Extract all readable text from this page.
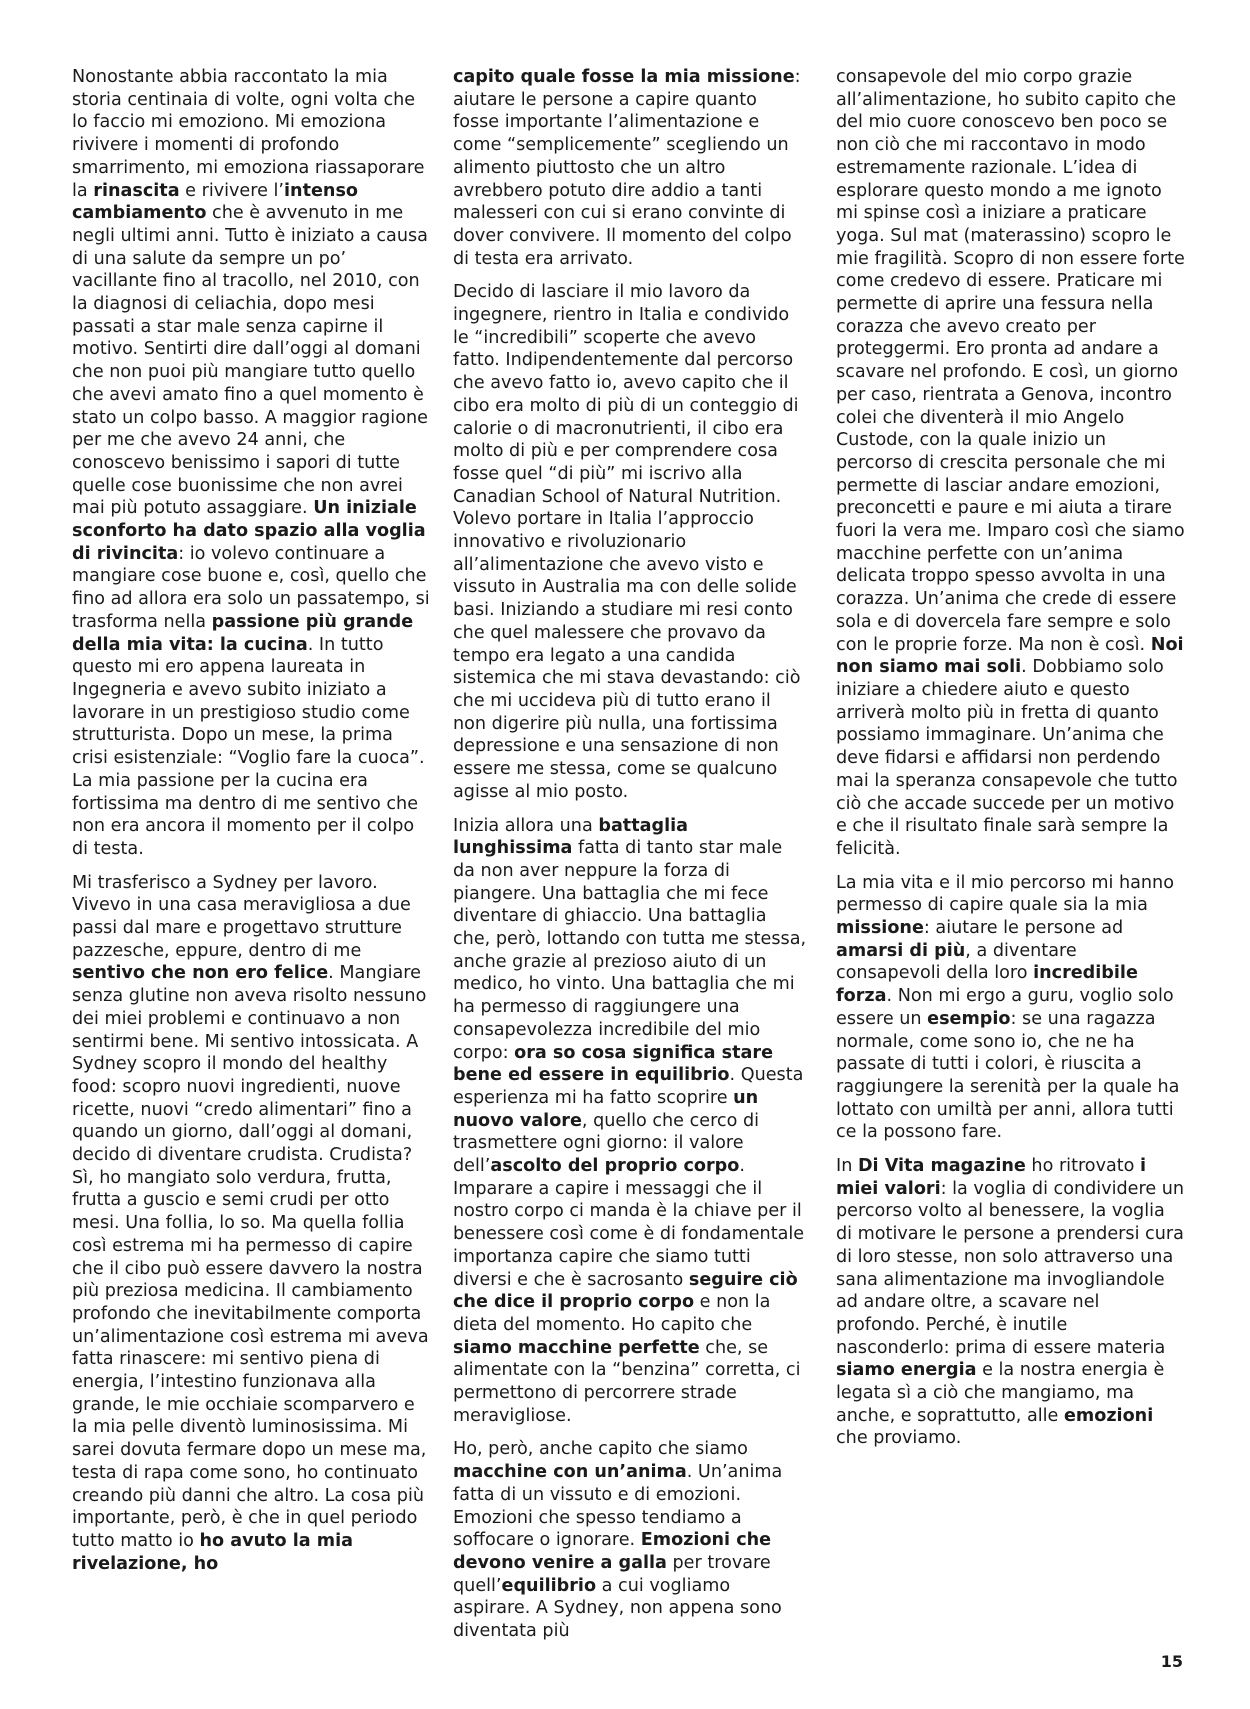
Nonostante abbia raccontato la mia storia centinaia di volte, ogni volta che lo faccio mi emoziono. Mi emoziona rivivere i momenti di profondo smarrimento, mi emoziona riassaporare la rinascita e rivivere l’intenso cambiamento che è avvenuto in me negli ultimi anni. Tutto è iniziato a causa di una salute da sempre un po’ vacillante fino al tracollo, nel 2010, con la diagnosi di celiachia, dopo mesi passati a star male senza capirne il motivo. Sentirti dire dall’oggi al domani che non puoi più mangiare tutto quello che avevi amato fino a quel momento è stato un colpo basso. A maggior ragione per me che avevo 24 anni, che conoscevo benissimo i sapori di tutte quelle cose buonissime che non avrei mai più potuto assaggiare. Un iniziale sconforto ha dato spazio alla voglia di rivincita: io volevo continuare a mangiare cose buone e, così, quello che fino ad allora era solo un passatempo, si trasforma nella passione più grande della mia vita: la cucina. In tutto questo mi ero appena laureata in Ingegneria e avevo subito iniziato a lavorare in un prestigioso studio come strutturista. Dopo un mese, la prima crisi esistenziale: “Voglio fare la cuoca”. La mia passione per la cucina era fortissima ma dentro di me sentivo che non era ancora il momento per il colpo di testa.

Mi trasferisco a Sydney per lavoro. Vivevo in una casa meravigliosa a due passi dal mare e progettavo strutture pazzesche, eppure, dentro di me sentivo che non ero felice. Mangiare senza glutine non aveva risolto nessuno dei miei problemi e continuavo a non sentirmi bene. Mi sentivo intossicata. A Sydney scopro il mondo del healthy food: scopro nuovi ingredienti, nuove ricette, nuovi “credo alimentari” fino a quando un giorno, dall’oggi al domani, decido di diventare crudista. Crudista? Sì, ho mangiato solo verdura, frutta, frutta a guscio e semi crudi per otto mesi. Una follia, lo so. Ma quella follia così estrema mi ha permesso di capire che il cibo può essere davvero la nostra più preziosa medicina. Il cambiamento profondo che inevitabilmente comporta un’alimentazione così estrema mi aveva fatta rinascere: mi sentivo piena di energia, l’intestino funzionava alla grande, le mie occhiaie scomparvero e la mia pelle diventò luminosissima. Mi sarei dovuta fermare dopo un mese ma, testa di rapa come sono, ho continuato creando più danni che altro. La cosa più importante, però, è che in quel periodo tutto matto io ho avuto la mia rivelazione, ho

capito quale fosse la mia missione: aiutare le persone a capire quanto fosse importante l’alimentazione e come “semplicemente” scegliendo un alimento piuttosto che un altro avrebbero potuto dire addio a tanti malesseri con cui si erano convinte di dover convivere. Il momento del colpo di testa era arrivato.

Decido di lasciare il mio lavoro da ingegnere, rientro in Italia e condivido le “incredibili” scoperte che avevo fatto. Indipendentemente dal percorso che avevo fatto io, avevo capito che il cibo era molto di più di un conteggio di calorie o di macronutrienti, il cibo era molto di più e per comprendere cosa fosse quel “di più” mi iscrivo alla Canadian School of Natural Nutrition. Volevo portare in Italia l’approccio innovativo e rivoluzionario all’alimentazione che avevo visto e vissuto in Australia ma con delle solide basi. Iniziando a studiare mi resi conto che quel malessere che provavo da tempo era legato a una candida sistemica che mi stava devastando: ciò che mi uccideva più di tutto erano il non digerire più nulla, una fortissima depressione e una sensazione di non essere me stessa, come se qualcuno agisse al mio posto.

Inizia allora una battaglia lunghissima fatta di tanto star male da non aver neppure la forza di piangere. Una battaglia che mi fece diventare di ghiaccio. Una battaglia che, però, lottando con tutta me stessa, anche grazie al prezioso aiuto di un medico, ho vinto. Una battaglia che mi ha permesso di raggiungere una consapevolezza incredibile del mio corpo: ora so cosa significa stare bene ed essere in equilibrio. Questa esperienza mi ha fatto scoprire un nuovo valore, quello che cerco di trasmettere ogni giorno: il valore dell’ascolto del proprio corpo. Imparare a capire i messaggi che il nostro corpo ci manda è la chiave per il benessere così come è di fondamentale importanza capire che siamo tutti diversi e che è sacrosanto seguire ciò che dice il proprio corpo e non la dieta del momento. Ho capito che siamo macchine perfette che, se alimentate con la “benzina” corretta, ci permettono di percorrere strade meravigliose.

Ho, però, anche capito che siamo macchine con un’anima. Un’anima fatta di un vissuto e di emozioni. Emozioni che spesso tendiamo a soffocare o ignorare. Emozioni che devono venire a galla per trovare quell’equilibrio a cui vogliamo aspirare. A Sydney, non appena sono diventata più

consapevole del mio corpo grazie all’alimentazione, ho subito capito che del mio cuore conoscevo ben poco se non ciò che mi raccontavo in modo estremamente razionale. L’idea di esplorare questo mondo a me ignoto mi spinse così a iniziare a praticare yoga. Sul mat (materassino) scopro le mie fragilità. Scopro di non essere forte come credevo di essere. Praticare mi permette di aprire una fessura nella corazza che avevo creato per proteggermi. Ero pronta ad andare a scavare nel profondo. E così, un giorno per caso, rientrata a Genova, incontro colei che diventerà il mio Angelo Custode, con la quale inizio un percorso di crescita personale che mi permette di lasciar andare emozioni, preconcetti e paure e mi aiuta a tirare fuori la vera me. Imparo così che siamo macchine perfette con un’anima delicata troppo spesso avvolta in una corazza. Un’anima che crede di essere sola e di dovercela fare sempre e solo con le proprie forze. Ma non è così. Noi non siamo mai soli. Dobbiamo solo iniziare a chiedere aiuto e questo arriverà molto più in fretta di quanto possiamo immaginare. Un’anima che deve fidarsi e affidarsi non perdendo mai la speranza consapevole che tutto ciò che accade succede per un motivo e che il risultato finale sarà sempre la felicità.

La mia vita e il mio percorso mi hanno permesso di capire quale sia la mia missione: aiutare le persone ad amarsi di più, a diventare consapevoli della loro incredibile forza. Non mi ergo a guru, voglio solo essere un esempio: se una ragazza normale, come sono io, che ne ha passate di tutti i colori, è riuscita a raggiungere la serenità per la quale ha lottato con umiltà per anni, allora tutti ce la possono fare.

In Di Vita magazine ho ritrovato i miei valori: la voglia di condividere un percorso volto al benessere, la voglia di motivare le persone a prendersi cura di loro stesse, non solo attraverso una sana alimentazione ma invogliandole ad andare oltre, a scavare nel profondo. Perché, è inutile nasconderlo: prima di essere materia siamo energia e la nostra energia è legata sì a ciò che mangiamo, ma anche, e soprattutto, alle emozioni che proviamo.

15
